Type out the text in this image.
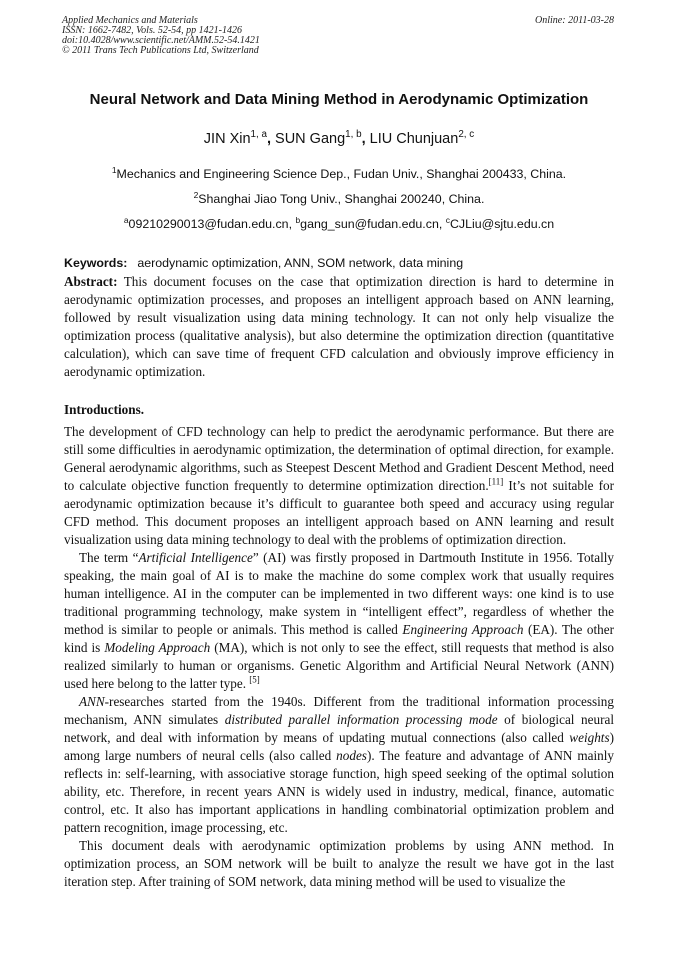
Applied Mechanics and Materials
ISSN: 1662-7482, Vols. 52-54, pp 1421-1426
doi:10.4028/www.scientific.net/AMM.52-54.1421
© 2011 Trans Tech Publications Ltd, Switzerland
Online: 2011-03-28
Neural Network and Data Mining Method in Aerodynamic Optimization
JIN Xin$^{1, a}$, SUN Gang$^{1, b}$, LIU Chunjuan$^{2, c}$
$^1$Mechanics and Engineering Science Dep., Fudan Univ., Shanghai 200433, China.
$^2$Shanghai Jiao Tong Univ., Shanghai 200240, China.
$^a$09210290013@fudan.edu.cn, $^b$gang_sun@fudan.edu.cn, $^c$CJLiu@sjtu.edu.cn
Keywords: aerodynamic optimization, ANN, SOM network, data mining
Abstract: This document focuses on the case that optimization direction is hard to determine in aerodynamic optimization processes, and proposes an intelligent approach based on ANN learning, followed by result visualization using data mining technology. It can not only help visualize the optimization process (qualitative analysis), but also determine the optimization direction (quantitative calculation), which can save time of frequent CFD calculation and obviously improve efficiency in aerodynamic optimization.
Introductions.

The development of CFD technology can help to predict the aerodynamic performance. But there are still some difficulties in aerodynamic optimization, the determination of optimal direction, for example. General aerodynamic algorithms, such as Steepest Descent Method and Gradient Descent Method, need to calculate objective function frequently to determine optimization direction.[11] It’s not suitable for aerodynamic optimization because it’s difficult to guarantee both speed and accuracy using regular CFD method. This document proposes an intelligent approach based on ANN learning and result visualization using data mining technology to deal with the problems of optimization direction.

The term “Artificial Intelligence” (AI) was firstly proposed in Dartmouth Institute in 1956. Totally speaking, the main goal of AI is to make the machine do some complex work that usually requires human intelligence. AI in the computer can be implemented in two different ways: one kind is to use traditional programming technology, make system in “intelligent effect”, regardless of whether the method is similar to people or animals. This method is called Engineering Approach (EA). The other kind is Modeling Approach (MA), which is not only to see the effect, still requests that method is also realized similarly to human or organisms. Genetic Algorithm and Artificial Neural Network (ANN) used here belong to the latter type. [5]

ANN-researches started from the 1940s. Different from the traditional information processing mechanism, ANN simulates distributed parallel information processing mode of biological neural network, and deal with information by means of updating mutual connections (also called weights) among large numbers of neural cells (also called nodes). The feature and advantage of ANN mainly reflects in: self-learning, with associative storage function, high speed seeking of the optimal solution ability, etc. Therefore, in recent years ANN is widely used in industry, medical, finance, automatic control, etc. It also has important applications in handling combinatorial optimization problem and pattern recognition, image processing, etc.

This document deals with aerodynamic optimization problems by using ANN method. In optimization process, an SOM network will be built to analyze the result we have got in the last iteration step. After training of SOM network, data mining method will be used to visualize the
